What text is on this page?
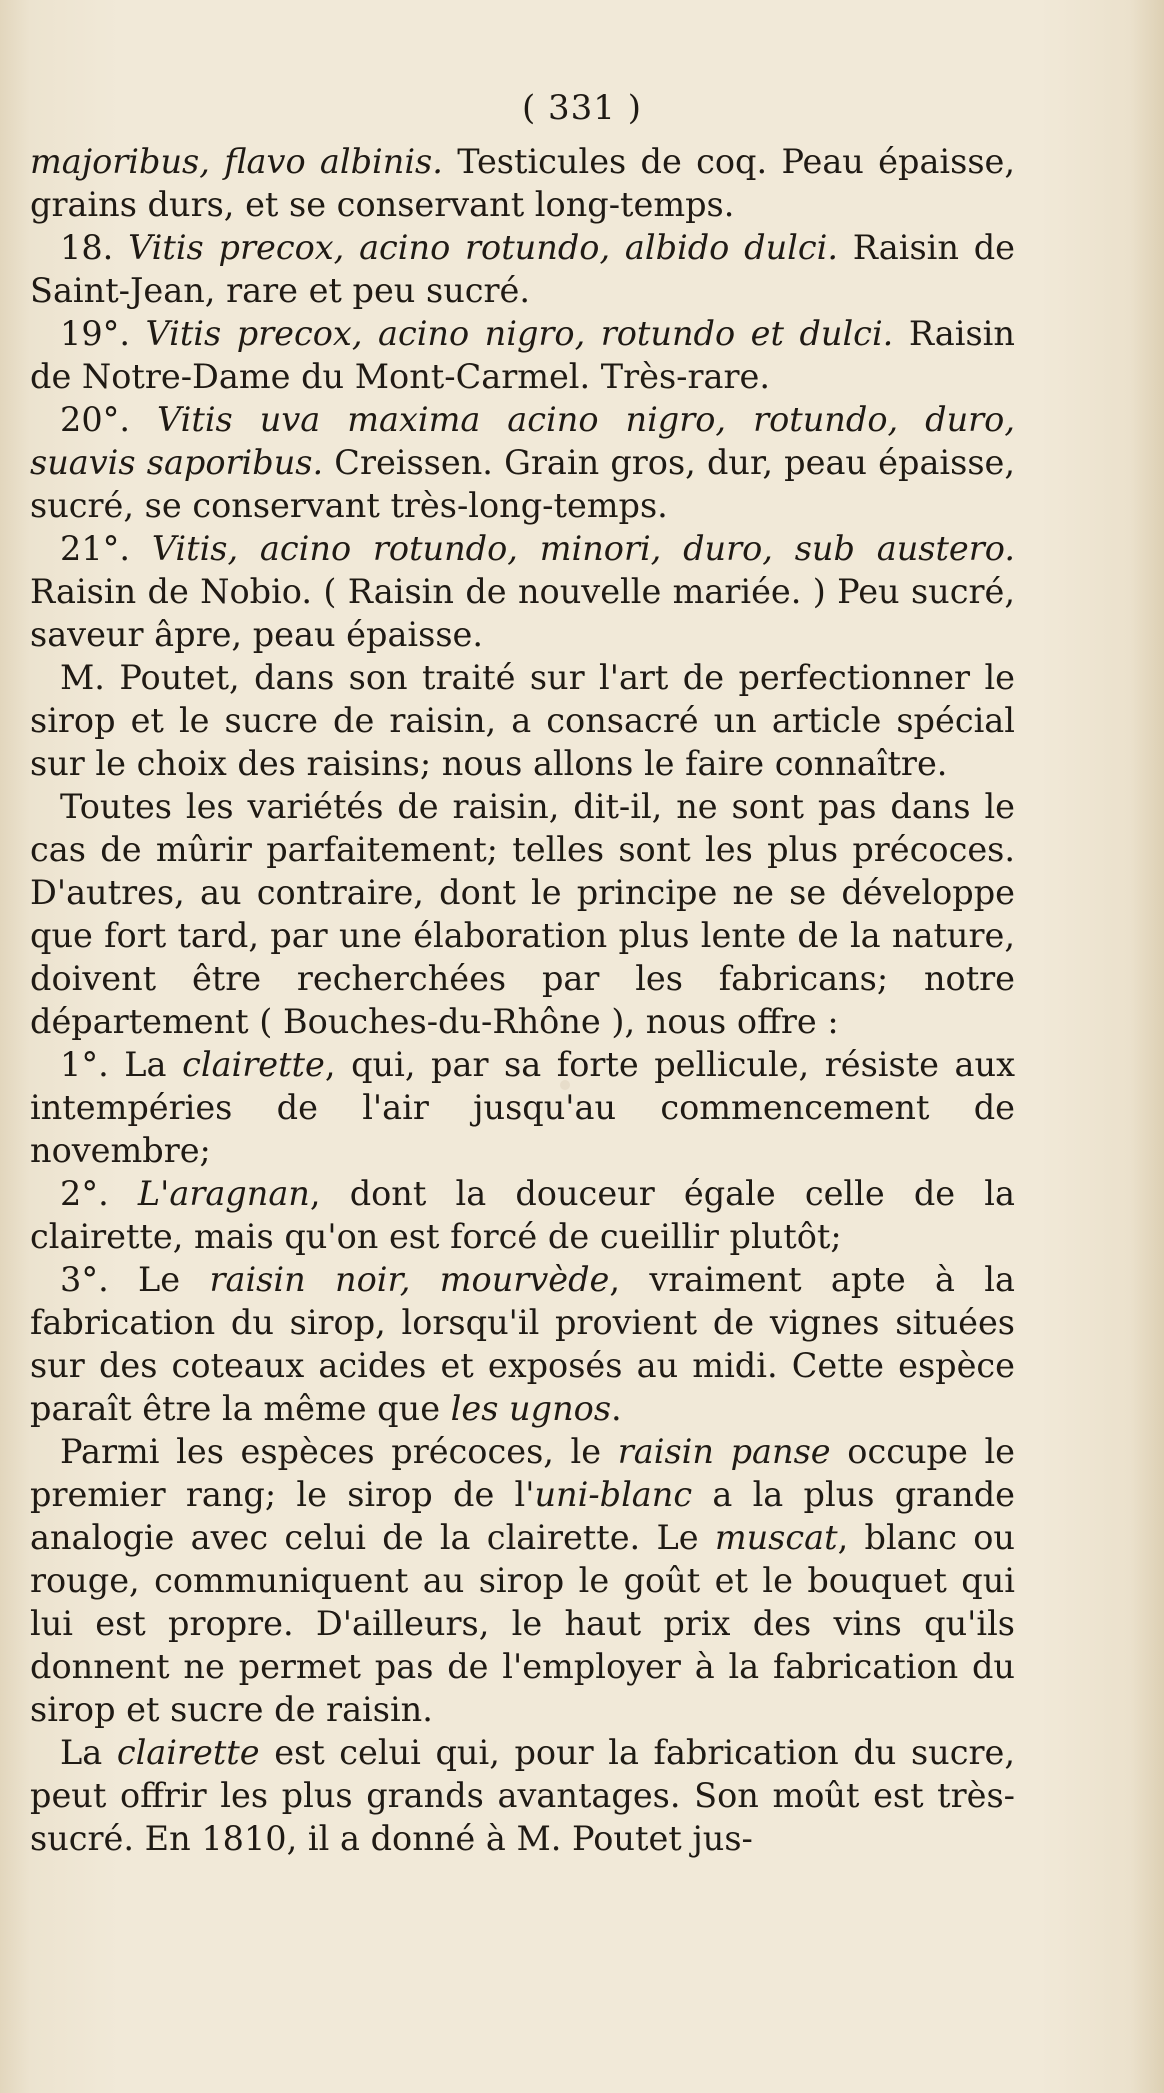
( 331 )

majoribus, flavo albinis. Testicules de coq. Peau épaisse, grains durs, et se conservant long-temps.

18. Vitis precox, acino rotundo, albido dulci. Raisin de Saint-Jean, rare et peu sucré.

19°. Vitis precox, acino nigro, rotundo et dulci. Raisin de Notre-Dame du Mont-Carmel. Très-rare.

20°. Vitis uva maxima acino nigro, rotundo, duro, suavis saporibus. Creissen. Grain gros, dur, peau épaisse, sucré, se conservant très-long-temps.

21°. Vitis, acino rotundo, minori, duro, sub austero. Raisin de Nobio. ( Raisin de nouvelle mariée. ) Peu sucré, saveur âpre, peau épaisse.

M. Poutet, dans son traité sur l'art de perfectionner le sirop et le sucre de raisin, a consacré un article spécial sur le choix des raisins; nous allons le faire connaître.

Toutes les variétés de raisin, dit-il, ne sont pas dans le cas de mûrir parfaitement; telles sont les plus précoces. D'autres, au contraire, dont le principe ne se développe que fort tard, par une élaboration plus lente de la nature, doivent être recherchées par les fabricans; notre département ( Bouches-du-Rhône ), nous offre :

1°. La clairette, qui, par sa forte pellicule, résiste aux intempéries de l'air jusqu'au commencement de novembre;

2°. L'aragnan, dont la douceur égale celle de la clairette, mais qu'on est forcé de cueillir plutôt;

3°. Le raisin noir, mourvède, vraiment apte à la fabrication du sirop, lorsqu'il provient de vignes situées sur des coteaux acides et exposés au midi. Cette espèce paraît être la même que les ugnos.

Parmi les espèces précoces, le raisin panse occupe le premier rang; le sirop de l'uni-blanc a la plus grande analogie avec celui de la clairette. Le muscat, blanc ou rouge, communiquent au sirop le goût et le bouquet qui lui est propre. D'ailleurs, le haut prix des vins qu'ils donnent ne permet pas de l'employer à la fabrication du sirop et sucre de raisin.

La clairette est celui qui, pour la fabrication du sucre, peut offrir les plus grands avantages. Son moût est très-sucré. En 1810, il a donné à M. Poutet jus-
